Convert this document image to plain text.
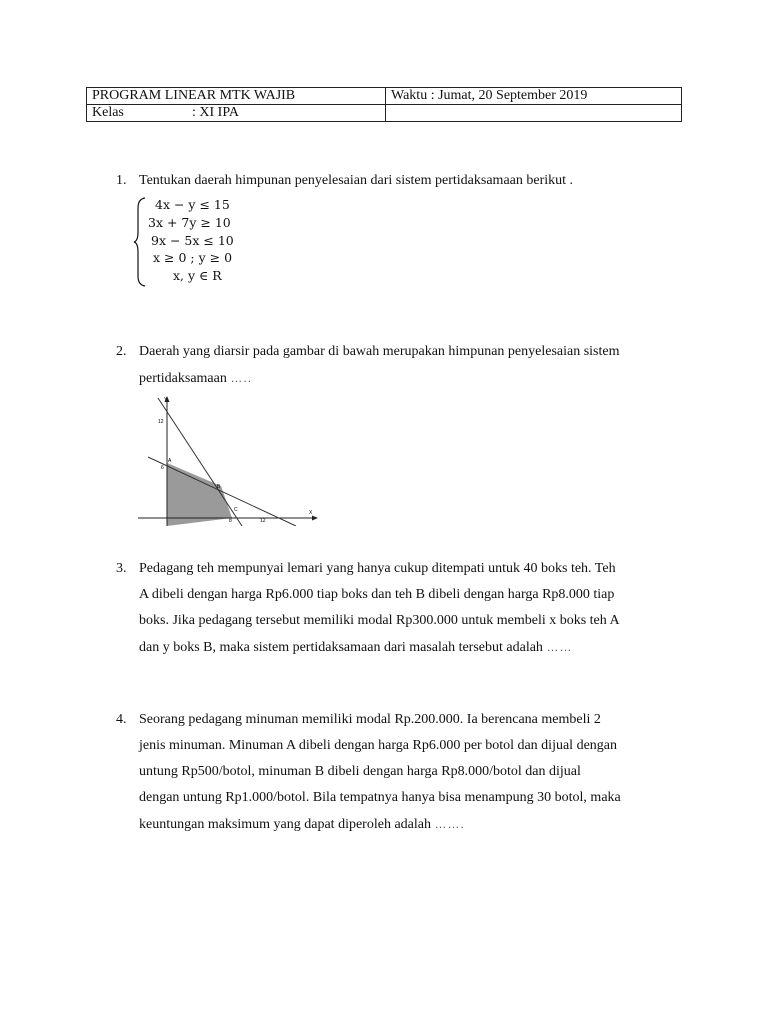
PROGRAM LINEAR MTK WAJIB	Waktu : Jumat, 20 September 2019
Kelas : XI IPA	
1. Tentukan daerah himpunan penyelesaian dari sistem pertidaksamaan berikut .
4x − y ≤ 15
3x + 7y ≥ 10
9x − 5x ≤ 10
x ≥ 0 ; y ≥ 0
x, y ∈ R
2. Daerah yang diarsir pada gambar di bawah merupakan himpunan penyelesaian sistem
pertidaksamaan …..
Y
X
12
6
8	12
A
B
C
3. Pedagang teh mempunyai lemari yang hanya cukup ditempati untuk 40 boks teh. Teh
A dibeli dengan harga Rp6.000 tiap boks dan teh B dibeli dengan harga Rp8.000 tiap
boks. Jika pedagang tersebut memiliki modal Rp300.000 untuk membeli x boks teh A
dan y boks B, maka sistem pertidaksamaan dari masalah tersebut adalah ……
4. Seorang pedagang minuman memiliki modal Rp.200.000. Ia berencana membeli 2
jenis minuman. Minuman A dibeli dengan harga Rp6.000 per botol dan dijual dengan
untung Rp500/botol, minuman B dibeli dengan harga Rp8.000/botol dan dijual
dengan untung Rp1.000/botol. Bila tempatnya hanya bisa menampung 30 botol, maka
keuntungan maksimum yang dapat diperoleh adalah …….
